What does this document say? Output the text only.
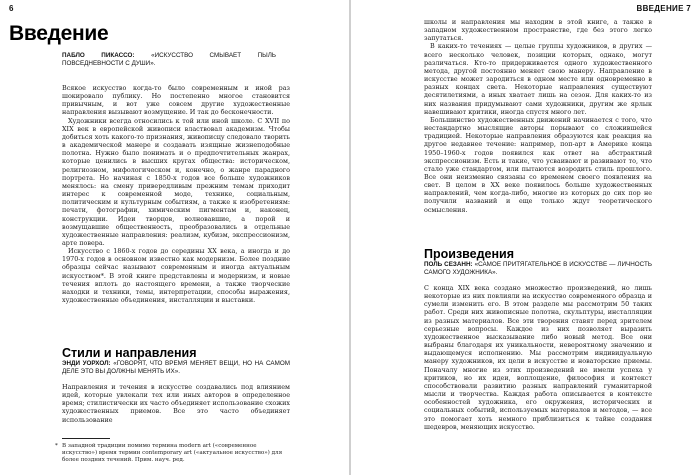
6
Введение

ПАБЛО ПИКАССО:	«ИСКУССТВО СМЫВАЕТ ПЫЛЬ ПОВСЕДНЕВНОСТИ С ДУШИ».

Всякое искусство когда-то было современным и иной раз шокировало публику. Но постепенно многое становится привычным, и вот уже совсем другие художественные направления вызывают возмущение. И так до бесконечности.

Художники всегда относились к той или иной школе. С XVII по XIX век в европейской живописи властвовал академизм. Чтобы добиться хоть какого-то признания, живописцу следовало творить в академической манере и создавать изящные жизнеподобные полотна. Нужно было понимать и о предпочтительных жанрах, которые ценились в высших кругах общества: историческом, религиозном, мифологическом и, конечно, о жанре парадного портрета. Но начиная с 1850-х годов все больше художников менялось: на смену привередливым прежним темам приходит интерес к современной моде, технике, социальным, политическим и культурным событиям, а также к изобретениям: печати, фотографии, химическим пигментам и, наконец, конструкции. Идеи творцов, волновавшие, а порой и возмущавшие общественность, преобразовались в отдельные художественные направления: реализм, кубизм, экспрессионизм, арте повера.

Искусство с 1860-х годов до середины XX века, а иногда и до 1970-х годов в основном известно как модернизм. Более поздние образцы сейчас называют современным и иногда актуальным искусством*. В этой книге представлены и модернизм, и новые течения вплоть до настоящего времени, а также творческие находки и техники, темы, интерпретации, способы выражения, художественные объединения, инсталляции и выставки.

Стили и направления

ЭНДИ УОРХОЛ: «ГОВОРЯТ, ЧТО ВРЕМЯ МЕНЯЕТ ВЕЩИ, НО НА САМОМ ДЕЛЕ ЭТО ВЫ ДОЛЖНЫ МЕНЯТЬ ИХ».

Направления и течения в искусстве создавались под влиянием идей, которые увлекали тех или иных авторов в определенное время; стилистически их часто объединяет использование схожих художественных приемов. Все это часто объединяет использование

* В западной традиции помимо термина modern art («современное искусство») время термин contemporary art («актуальное искусство») для более поздних течений. Прим. науч. ред.
ВВЕДЕНИЕ 7

школы и направления мы находим в этой книге, а также в западном художественном пространстве, где без этого легко запутаться.

В каких-то течениях — целые группы художников, в других — всего несколько человек, позиции которых, однако, могут различаться. Кто-то придерживается одного художественного метода, другой постоянно меняет свою манеру. Направление в искусстве может зародиться в одном месте или одновременно в разных концах света. Некоторые направления существуют десятилетиями, а иных хватает лишь на сезон. Для каких-то из них названия придумывают сами художники, другим же ярлык навешивают критики, иногда спустя много лет.

Большинство художественных движений начинается с того, что нестандартно мыслящие авторы порывают со сложившейся традицией. Некоторые направления образуются как реакция на другое недавнее течение: например, поп-арт в Америке конца 1950–1960-х годов появился как ответ на абстрактный экспрессионизм. Есть и такие, что усваивают и развивают то, что стало уже стандартом, или пытаются возродить стиль прошлого. Все они неизменно связаны со временем своего появления на свет. В целом в XX веке появилось больше художественных направлений, чем когда-либо, многие из которых до сих пор не получили названий и еще только ждут теоретического осмысления.

Произведения

ПОЛЬ СЕЗАНН: «САМОЕ ПРИТЯГАТЕЛЬНОЕ В ИСКУССТВЕ — ЛИЧНОСТЬ САМОГО ХУДОЖНИКА».

С конца XIX века создано множество произведений, но лишь некоторые из них повлияли на искусство современного образца и сумели изменить его. В этом разделе мы рассмотрим 50 таких работ. Среди них живописные полотна, скульптуры, инсталляции из разных материалов. Все эти творения ставят перед зрителем серьезные вопросы. Каждое из них позволяет выразить художественное высказывание либо новый метод. Все они выбраны благодаря их уникальности, невероятному значению и выдающемуся исполнению. Мы рассмотрим индивидуальную манеру художников, их цели в искусстве и новаторские приемы. Поначалу многие из этих произведений не имели успеха у критиков, но их идеи, воплощение, философия и контекст способствовали развитию разных направлений гуманитарной мысли и творчества. Каждая работа описывается в контексте особенностей художника, его окружения, исторических и социальных событий, используемых материалов и методов, — все это помогает хоть немного приблизиться к тайне создания шедевров, меняющих искусство.
